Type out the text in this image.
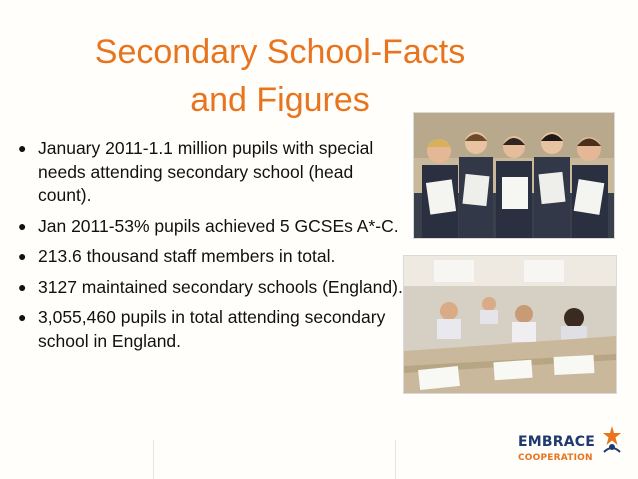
Secondary School-Facts
and Figures
● January 2011-1.1 million pupils with special needs attending secondary school (head count).
● Jan 2011-53% pupils achieved 5 GCSEs A*-C.
● 213.6 thousand staff members in total.
● 3127 maintained secondary schools (England).
● 3,055,460 pupils in total attending secondary school in England.
EMBRACE
COOPERATION
